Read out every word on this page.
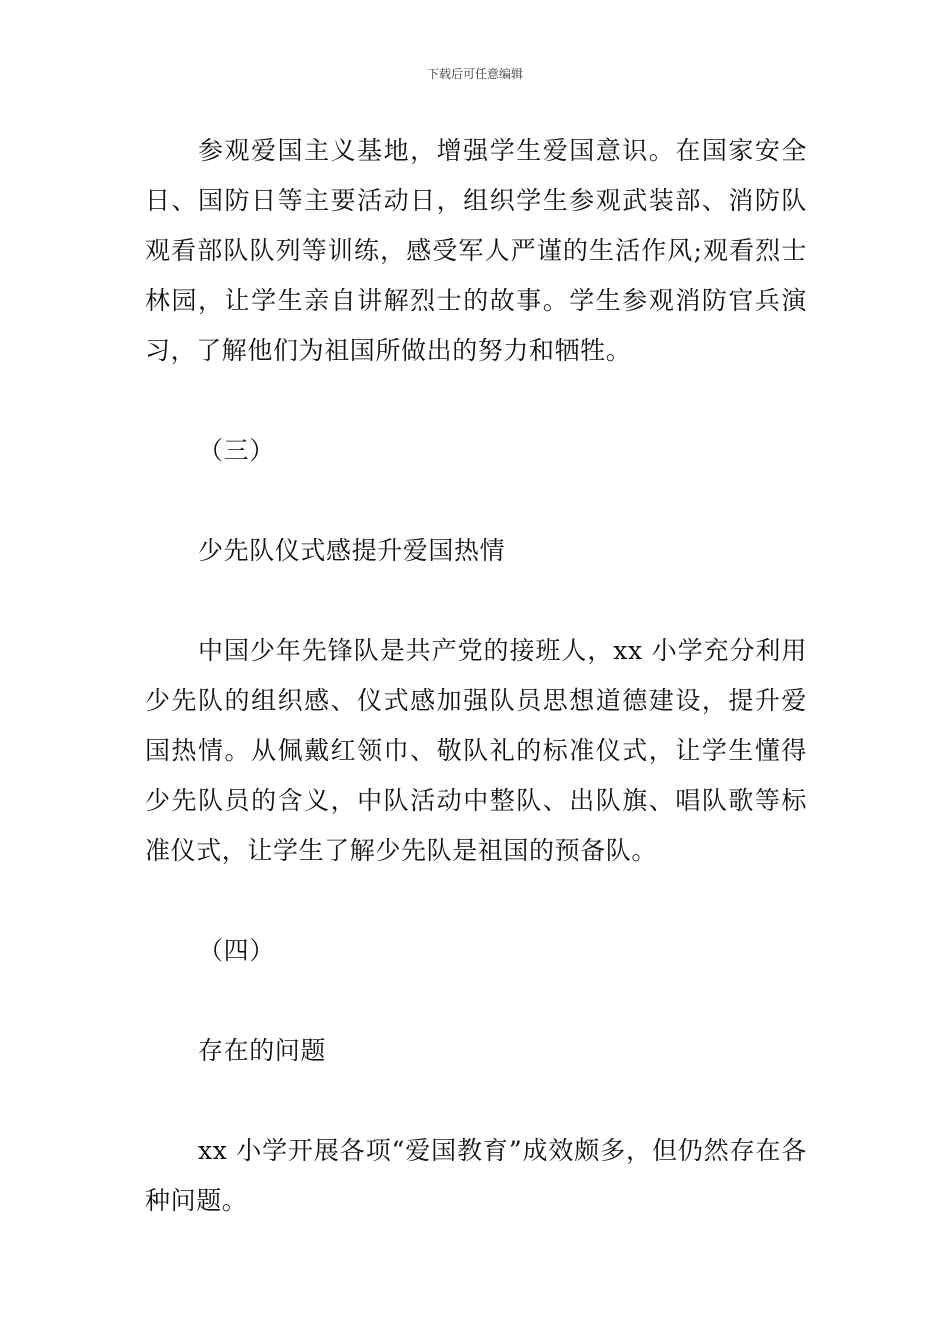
下载后可任意编辑

参观爱国主义基地，增强学生爱国意识。在国家安全日、国防日等主要活动日，组织学生参观武装部、消防队观看部队队列等训练，感受军人严谨的生活作风;观看烈士林园，让学生亲自讲解烈士的故事。学生参观消防官兵演习，了解他们为祖国所做出的努力和牺牲。

（三）

少先队仪式感提升爱国热情

中国少年先锋队是共产党的接班人，xx 小学充分利用少先队的组织感、仪式感加强队员思想道德建设，提升爱国热情。从佩戴红领巾、敬队礼的标准仪式，让学生懂得少先队员的含义，中队活动中整队、出队旗、唱队歌等标准仪式，让学生了解少先队是祖国的预备队。

（四）

存在的问题

xx 小学开展各项“爱国教育”成效颇多，但仍然存在各种问题。
